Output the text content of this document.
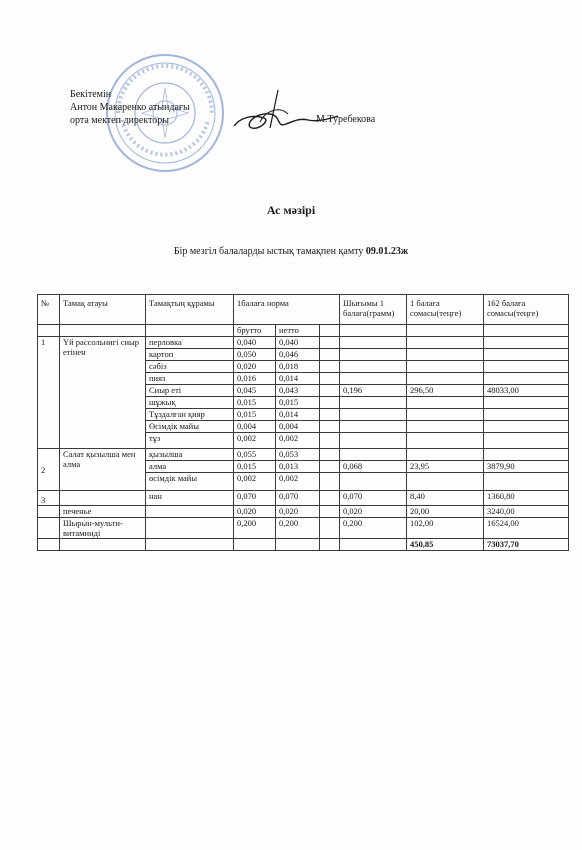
Бекітемін
Антон Макаренко атындағы
орта мектеп директоры	М.Туребекова
Ас мәзірі
Бір мезгіл балаларды ыстық тамақпен қамту 09.01.23ж
№	Тамақ атауы	Тамақтың құрамы	1балаға норма			Шығымы 1 балаға(грамм)	1 балаға сомасы(теңге)	162 балаға сомасы(теңге)
			брутто	нетто				
1	Үй рассольнигі сиыр етінен	перловка	0,040	0,040				
		картоп	0,050	0,046				
		сәбіз	0,020	0,018				
		пияз	0,016	0,014				
		Сиыр еті	0,045	0,043		0,196	296,50	48033,00
		шұжық	0,015	0,015				
		Тұздалған қияр	0,015	0,014				
		Өсімдік майы	0,004	0,004				
		тұз	0,002	0,002				
2	Салат қызылша мен алма	қызылша	0,055	0,053				
		алма	0,015	0,013		0,068	23,95	3879,90
		өсімдік майы	0,002	0,002				
3		нан	0,070	0,070		0,070	8,40	1360,80
	печенье		0,020	0,020		0,020	20,00	3240,00
	Шырын-мульти-витаминді		0,200	0,200		0,200	102,00	16524,00
							450,85	73037,70
